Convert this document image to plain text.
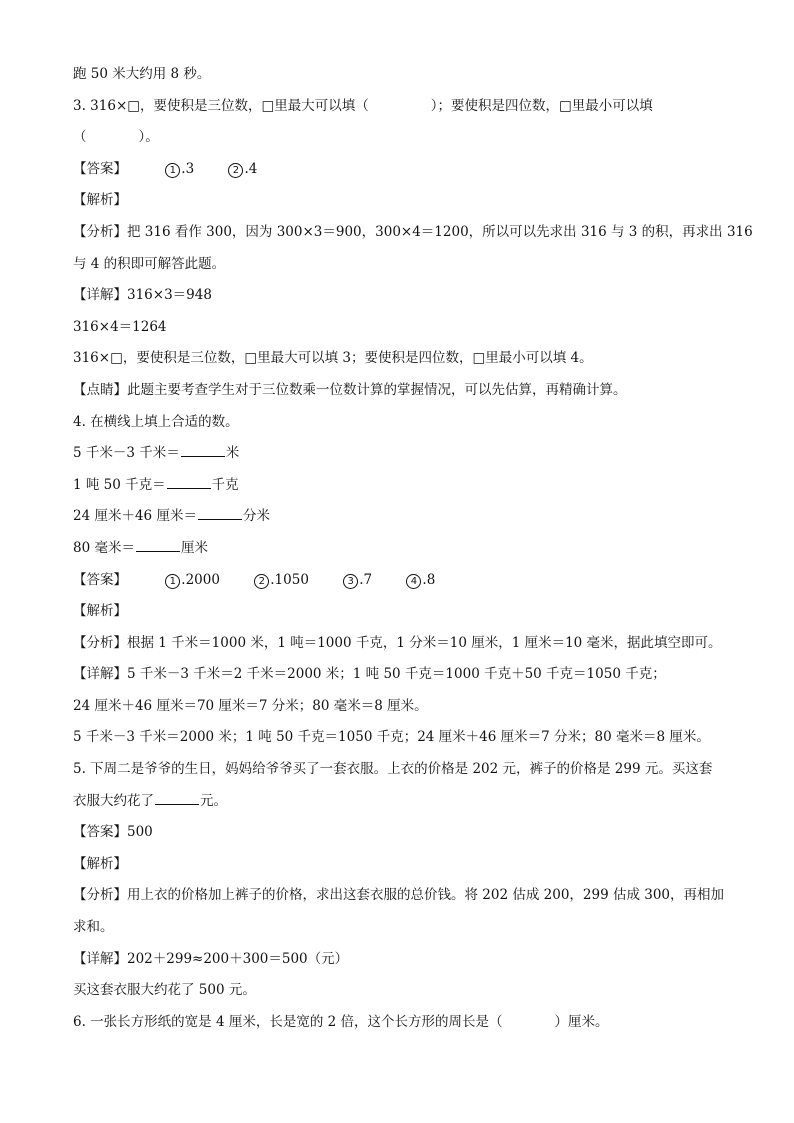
跑 50 米大约用 8 秒。
3. 316×□，要使积是三位数，□里最大可以填（	）；要使积是四位数，□里最小可以填
（	）。
【答案】	1 .3	2 .4
【解析】
【分析】把 316 看作 300，因为 300×3＝900，300×4＝1200，所以可以先求出 316 与 3 的积，再求出 316
与 4 的积即可解答此题。
【详解】316×3＝948
316×4＝1264
316×□，要使积是三位数，□里最大可以填 3；要使积是四位数，□里最小可以填 4。
【点睛】此题主要考查学生对于三位数乘一位数计算的掌握情况，可以先估算，再精确计算。
4. 在横线上填上合适的数。
5 千米－3 千米＝	米
1 吨 50 千克＝	千克
24 厘米＋46 厘米＝	分米
80 毫米＝	厘米
【答案】	1 .2000	2 .1050	3 .7	4 .8
【解析】
【分析】根据 1 千米＝1000 米，1 吨＝1000 千克，1 分米＝10 厘米，1 厘米＝10 毫米，据此填空即可。
【详解】5 千米－3 千米＝2 千米＝2000 米；1 吨 50 千克＝1000 千克＋50 千克＝1050 千克；
24 厘米＋46 厘米＝70 厘米＝7 分米；80 毫米＝8 厘米。
5 千米－3 千米＝2000 米；1 吨 50 千克＝1050 千克；24 厘米＋46 厘米＝7 分米；80 毫米＝8 厘米。
5. 下周二是爷爷的生日，妈妈给爷爷买了一套衣服。上衣的价格是 202 元，裤子的价格是 299 元。买这套
衣服大约花了	元。
【答案】500
【解析】
【分析】用上衣的价格加上裤子的价格，求出这套衣服的总价钱。将 202 估成 200，299 估成 300，再相加
求和。
【详解】202＋299≈200＋300＝500（元）
买这套衣服大约花了 500 元。
6. 一张长方形纸的宽是 4 厘米，长是宽的 2 倍，这个长方形的周长是（	）厘米。
